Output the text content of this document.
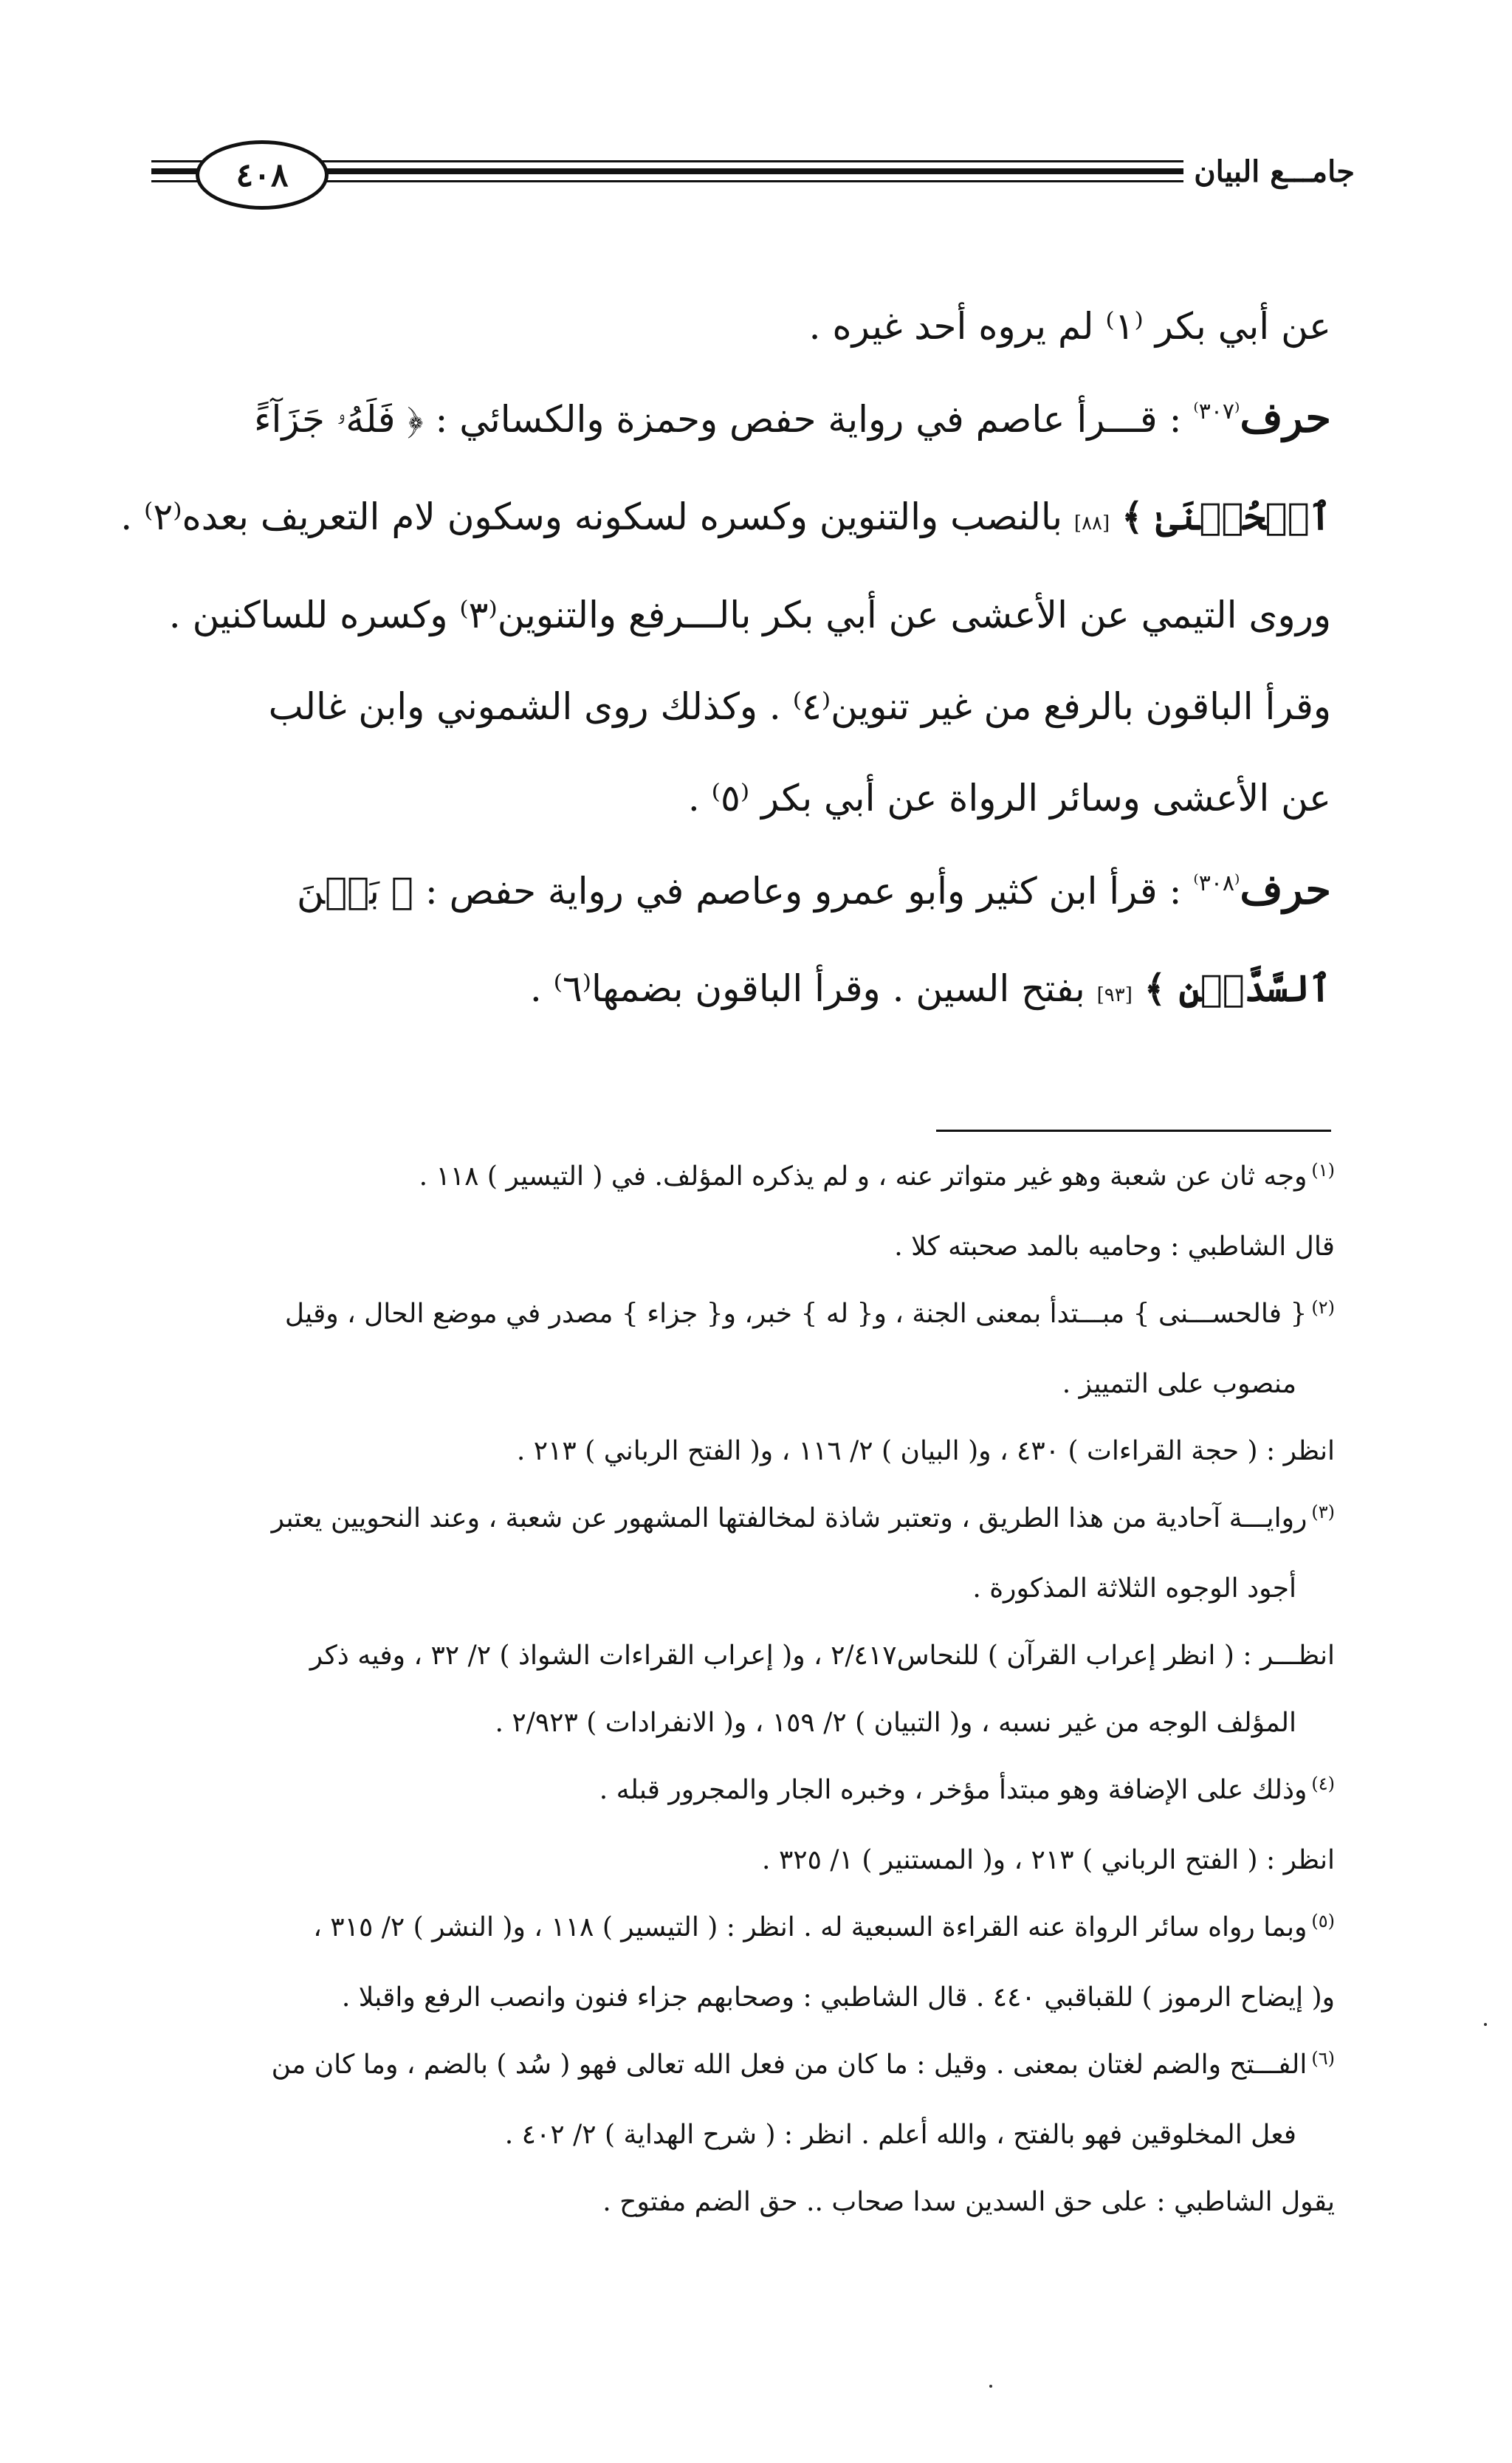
٤٠٨	جامـــع البيان
عن أبي بكر ⁽١⁾ لم يروه أحد غيره .
حرف$^{^(٣٠٧^)}$ : قـــرأ عاصم في رواية حفص وحمزة والكسائي : ﴿ فَلَهُۥ جَزَآءً
ٱلۡحُسۡنَىٰ ﴾ [٨٨] بالنصب والتنوين وكسره لسكونه وسكون لام التعريف بعده⁽٢⁾ .
وروى التيمي عن الأعشى عن أبي بكر بالـــرفع والتنوين⁽٣⁾ وكسره للساكنين .
وقرأ الباقون بالرفع من غير تنوين⁽٤⁾ . وكذلك روى الشموني وابن غالب
عن الأعشى وسائر الرواة عن أبي بكر ⁽٥⁾ .
حرف$^{^(٣٠٨^)}$ : قرأ ابن كثير وأبو عمرو وعاصم في رواية حفص : ﴿ بَيۡنَ
ٱلسَّدَّيۡنِ ﴾ [٩٣] بفتح السين . وقرأ الباقون بضمها⁽٦⁾ .
$^{(١)}$وجه ثان عن شعبة وهو غير متواتر عنه ، و لم يذكره المؤلف. في ( التيسير ) ١١٨ .
قال الشاطبي : وحاميه بالمد صحبته كلا .
$^{(٢)}${ فالحســـنى } مبـــتدأ بمعنى الجنة ، و{ له } خبر، و{ جزاء } مصدر في موضع الحال ، وقيل
منصوب على التمييز .
انظر : ( حجة القراءات ) ٤٣٠ ، و( البيان ) ٢/ ١١٦ ، و( الفتح الرباني ) ٢١٣ .
$^{(٣)}$روايـــة آحادية من هذا الطريق ، وتعتبر شاذة لمخالفتها المشهور عن شعبة ، وعند النحويين يعتبر
أجود الوجوه الثلاثة المذكورة .
انظـــر : ( انظر إعراب القرآن ) للنحاس٢/٤١٧ ، و( إعراب القراءات الشواذ ) ٢/ ٣٢ ، وفيه ذكر
المؤلف الوجه من غير نسبه ، و( التبيان ) ٢/ ١٥٩ ، و( الانفرادات ) ٢/٩٢٣ .
$^{(٤)}$وذلك على الإضافة وهو مبتدأ مؤخر ، وخبره الجار والمجرور قبله .
انظر : ( الفتح الرباني ) ٢١٣ ، و( المستنير ) ١/ ٣٢٥ .
$^{(٥)}$وبما رواه سائر الرواة عنه القراءة السبعية له . انظر : ( التيسير ) ١١٨ ، و( النشر ) ٢/ ٣١٥ ،
و( إيضاح الرموز ) للقباقبي ٤٤٠ . قال الشاطبي : وصحابهم جزاء فنون وانصب الرفع واقبلا .
$^{(٦)}$الفـــتح والضم لغتان بمعنى . وقيل : ما كان من فعل الله تعالى فهو ( سُد ) بالضم ، وما كان من
فعل المخلوقين فهو بالفتح ، والله أعلم . انظر : ( شرح الهداية ) ٢/ ٤٠٢ .
يقول الشاطبي : على حق السدين سدا صحاب .. حق الضم مفتوح .
